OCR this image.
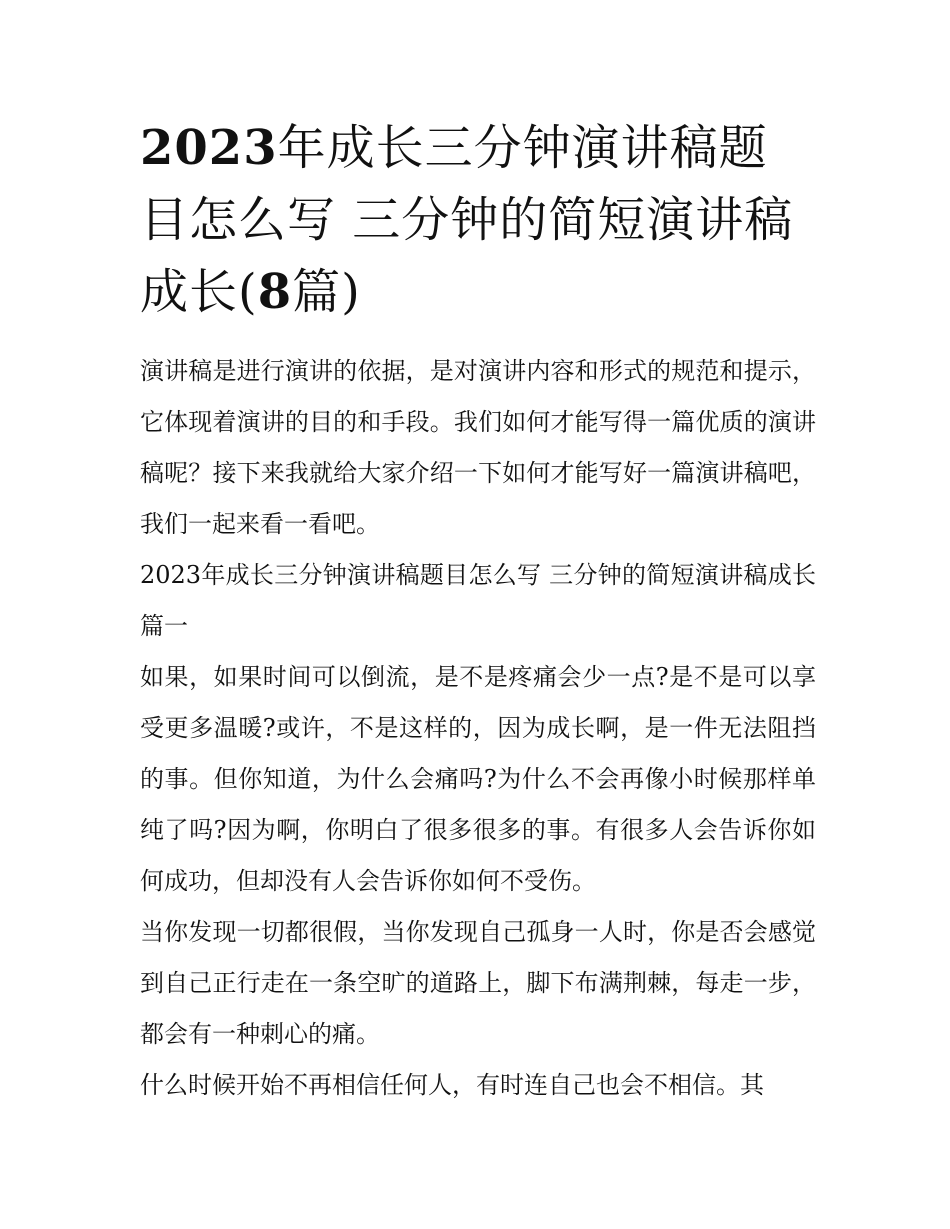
2023年成长三分钟演讲稿题目怎么写 三分钟的简短演讲稿成长(8篇)

演讲稿是进行演讲的依据，是对演讲内容和形式的规范和提示，它体现着演讲的目的和手段。我们如何才能写得一篇优质的演讲稿呢？接下来我就给大家介绍一下如何才能写好一篇演讲稿吧，我们一起来看一看吧。

2023年成长三分钟演讲稿题目怎么写 三分钟的简短演讲稿成长篇一

如果，如果时间可以倒流，是不是疼痛会少一点?是不是可以享受更多温暖?或许，不是这样的，因为成长啊，是一件无法阻挡的事。但你知道，为什么会痛吗?为什么不会再像小时候那样单纯了吗?因为啊，你明白了很多很多的事。有很多人会告诉你如何成功，但却没有人会告诉你如何不受伤。

当你发现一切都很假，当你发现自己孤身一人时，你是否会感觉到自己正行走在一条空旷的道路上，脚下布满荆棘，每走一步，都会有一种刺心的痛。

什么时候开始不再相信任何人，有时连自己也会不相信。其
